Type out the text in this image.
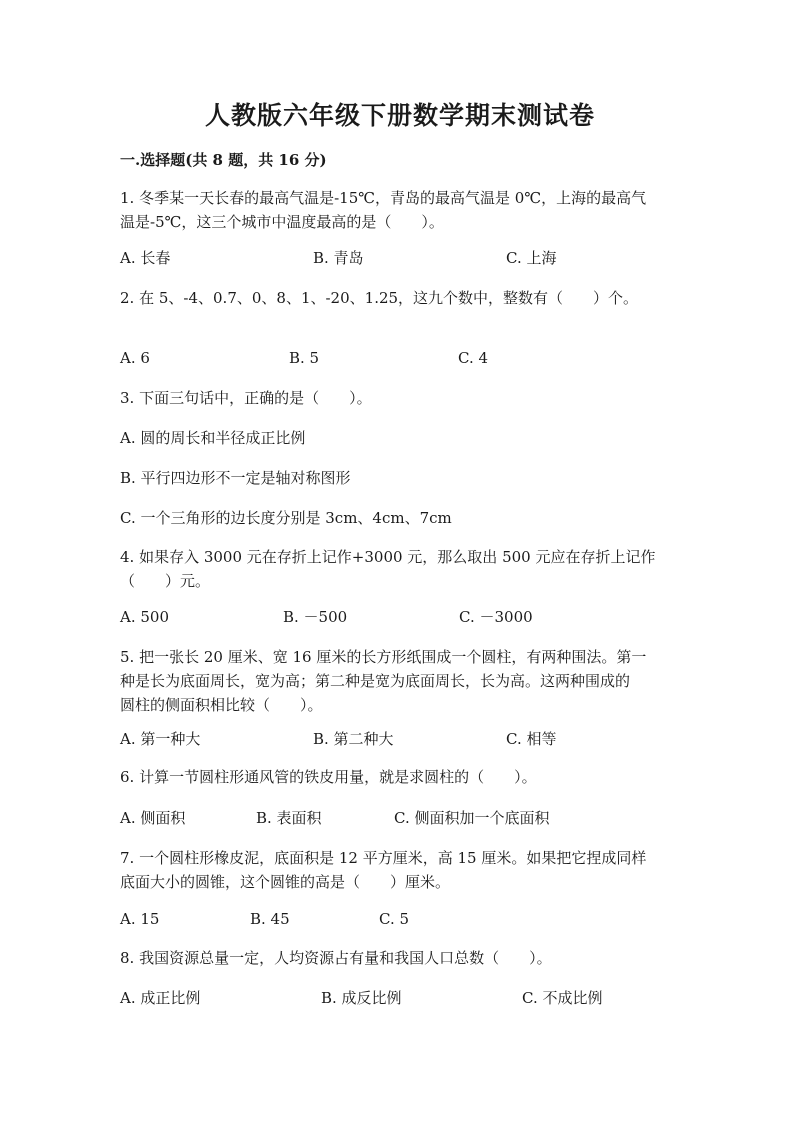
人教版六年级下册数学期末测试卷
一.选择题(共 8 题，共 16 分)
1. 冬季某一天长春的最高气温是-15℃，青岛的最高气温是 0℃，上海的最高气
温是-5℃，这三个城市中温度最高的是（　　）。
A. 长春	B. 青岛	C. 上海
2. 在 5、-4、0.7、0、8、1、-20、1.25，这九个数中，整数有（　　）个。
A. 6	B. 5	C. 4
3. 下面三句话中，正确的是（　　）。
A. 圆的周长和半径成正比例
B. 平行四边形不一定是轴对称图形
C. 一个三角形的边长度分别是 3cm、4cm、7cm
4. 如果存入 3000 元在存折上记作+3000 元，那么取出 500 元应在存折上记作
（　　）元。
A. 500	B. －500	C. －3000
5. 把一张长 20 厘米、宽 16 厘米的长方形纸围成一个圆柱，有两种围法。第一
种是长为底面周长，宽为高；第二种是宽为底面周长，长为高。这两种围成的
圆柱的侧面积相比较（　　）。
A. 第一种大	B. 第二种大	C. 相等
6. 计算一节圆柱形通风管的铁皮用量，就是求圆柱的（　　）。
A. 侧面积	B. 表面积	C. 侧面积加一个底面积
7. 一个圆柱形橡皮泥，底面积是 12 平方厘米，高 15 厘米。如果把它捏成同样
底面大小的圆锥，这个圆锥的高是（　　）厘米。
A. 15	B. 45	C. 5
8. 我国资源总量一定，人均资源占有量和我国人口总数（　　）。
A. 成正比例	B. 成反比例	C. 不成比例
